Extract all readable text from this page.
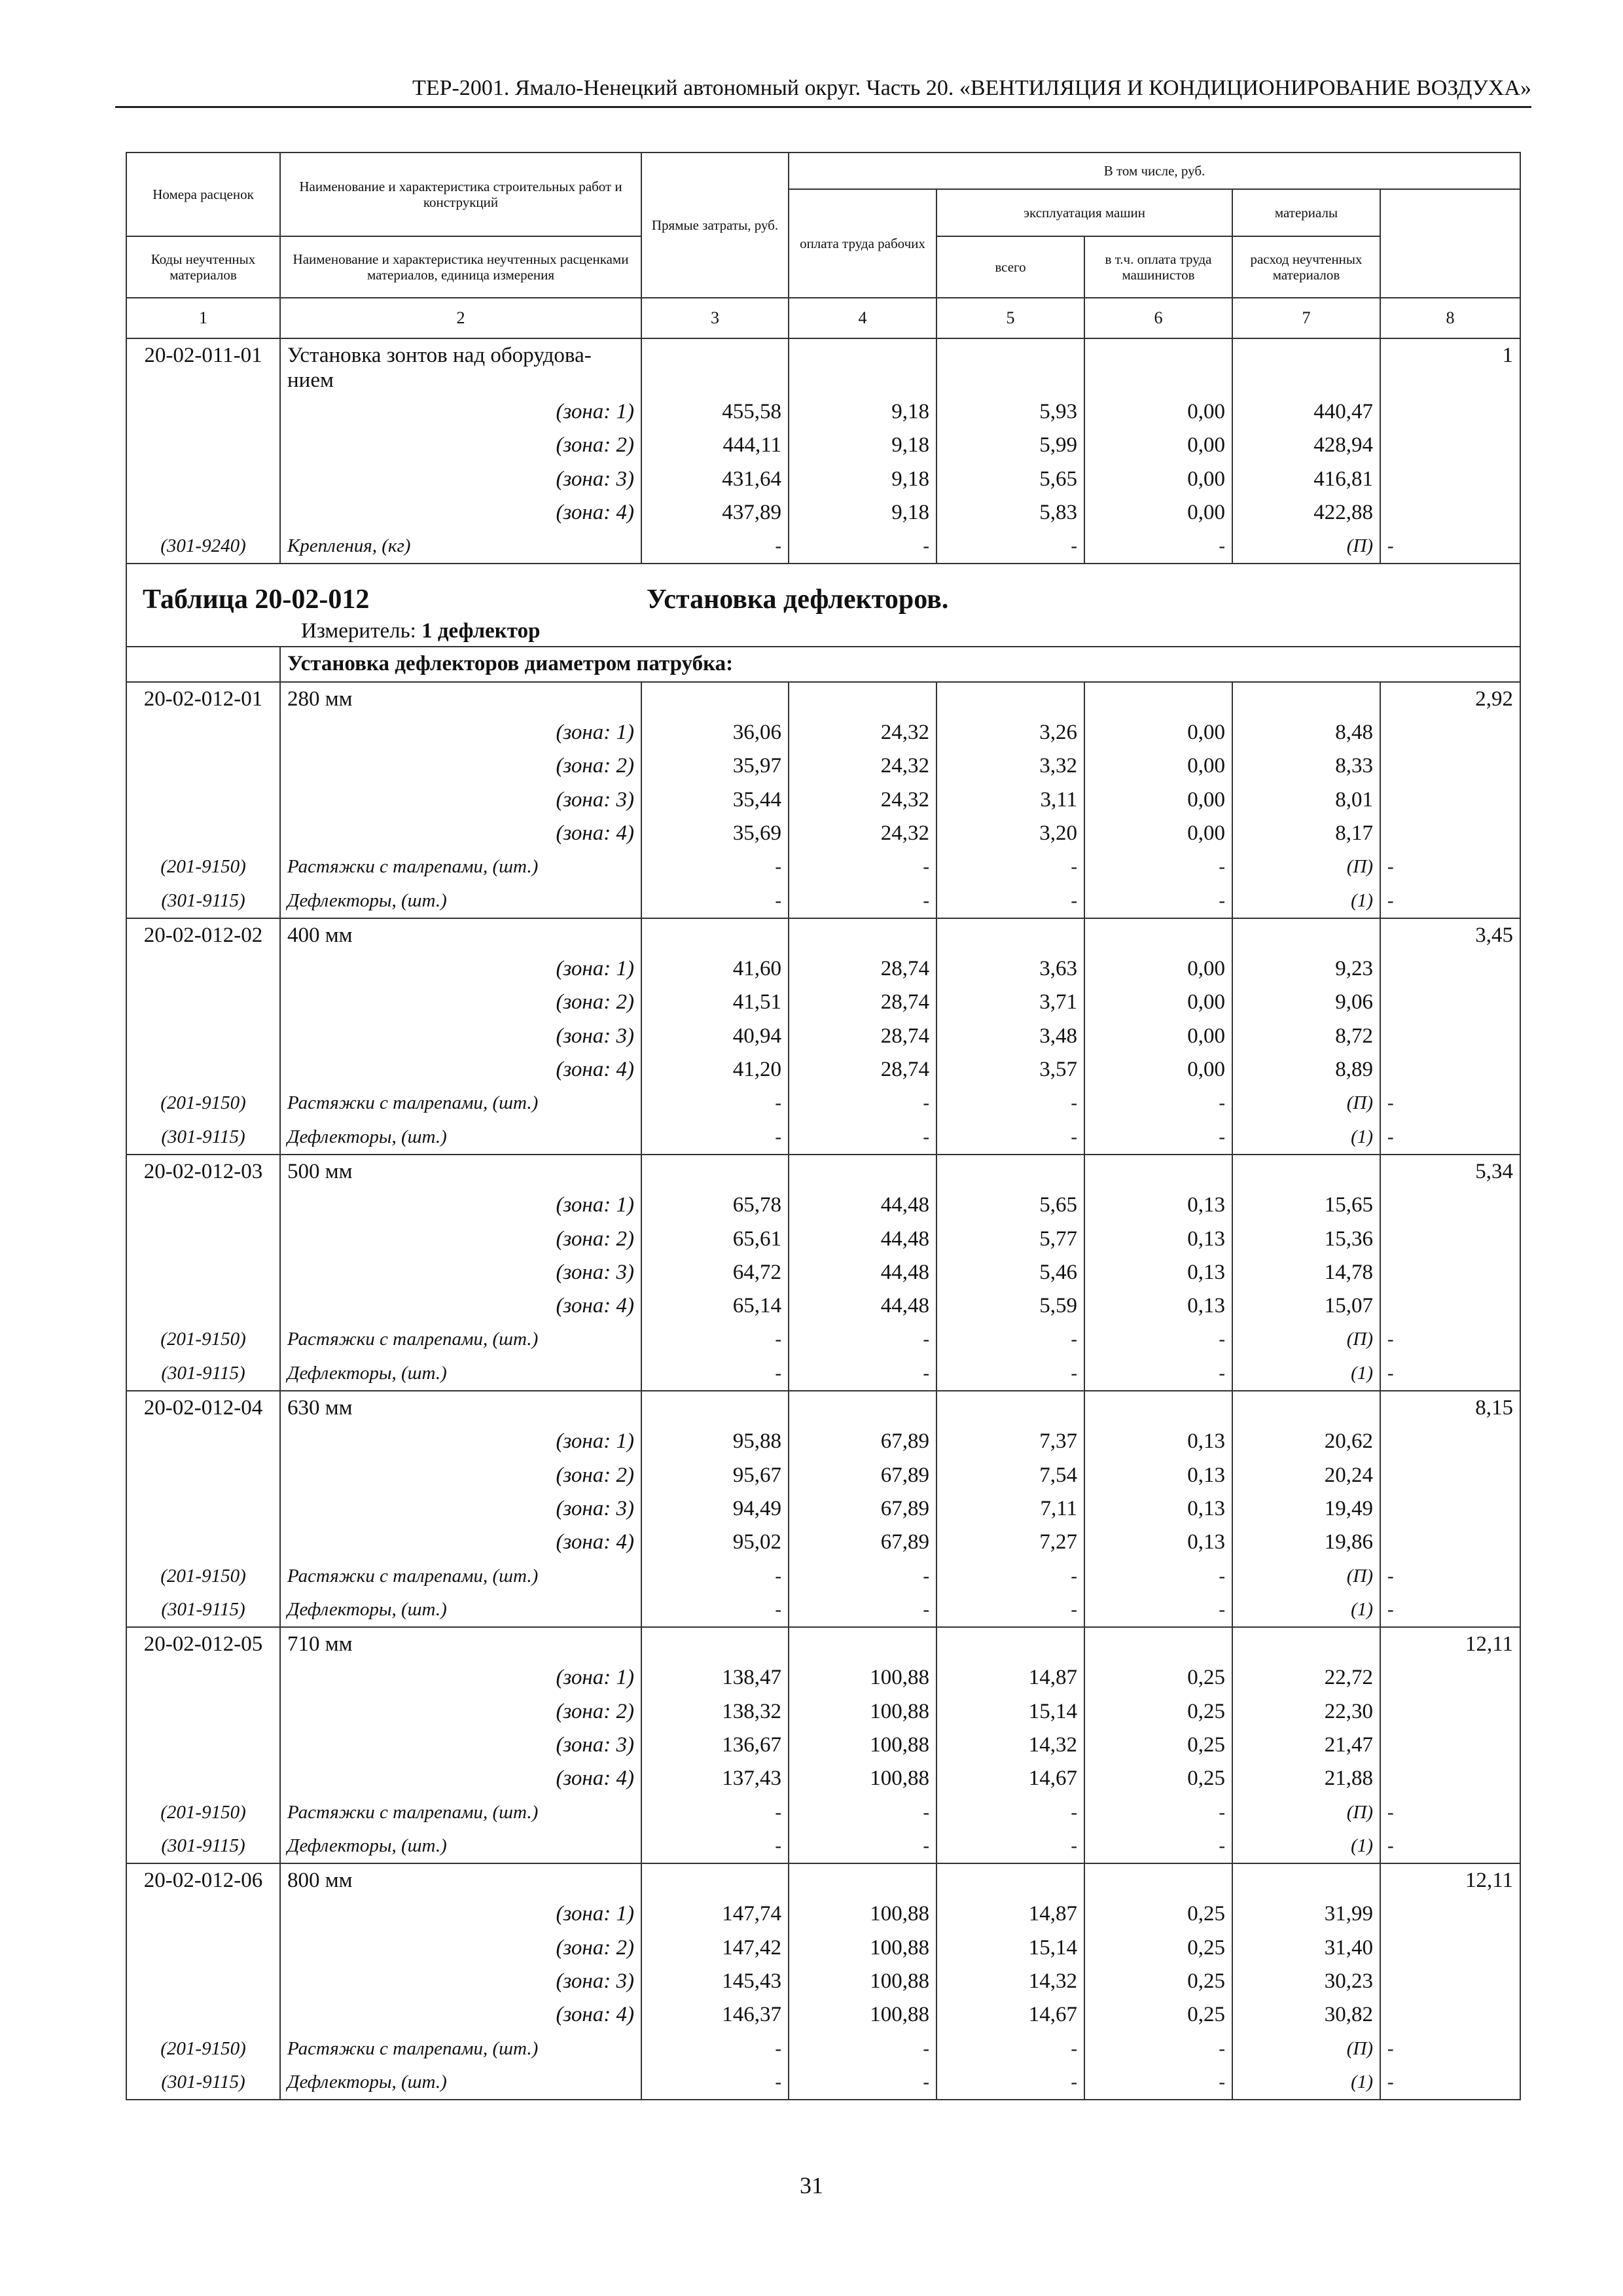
ТЕР-2001. Ямало-Ненецкий автономный округ. Часть 20. «ВЕНТИЛЯЦИЯ И КОНДИЦИОНИРОВАНИЕ ВОЗДУХА»
Номера расценок	Наименование и характеристика строительных работ и конструкций	Прямые затраты, руб.	В том числе, руб.	
			оплата труда рабочих	эксплуатация машин		материалы		
Коды неучтенных материалов	Наименование и характеристика неучтенных расценками материалов, единица измерения			всего	в т.ч. оплата труда машинистов	расход неучтенных материалов		
1	2	3	4	5	6	7	8	
20-02-011-01	Установка зонтов над оборудова-нием						1	
	(зона: 1)	455,58	9,18	5,93	0,00	440,47		
	(зона: 2)	444,11	9,18	5,99	0,00	428,94		
	(зона: 3)	431,64	9,18	5,65	0,00	416,81		
	(зона: 4)	437,89	9,18	5,83	0,00	422,88		
(301-9240)	Крепления, (кг)	-	-	-	-	(П)	-	

Таблица 20-02-012 Установка дефлекторов.
Измеритель: 1 дефлектор								

	Установка дефлекторов диаметром патрубка:							
20-02-012-01	280 мм						2,92	
	(зона: 1)	36,06	24,32	3,26	0,00	8,48		
	(зона: 2)	35,97	24,32	3,32	0,00	8,33		
	(зона: 3)	35,44	24,32	3,11	0,00	8,01		
	(зона: 4)	35,69	24,32	3,20	0,00	8,17		
(201-9150)	Растяжки с талрепами, (шт.)	-	-	-	-	(П)	-	
(301-9115)	Дефлекторы, (шт.)	-	-	-	-	(1)	-	
20-02-012-02	400 мм						3,45	
	(зона: 1)	41,60	28,74	3,63	0,00	9,23		
	(зона: 2)	41,51	28,74	3,71	0,00	9,06		
	(зона: 3)	40,94	28,74	3,48	0,00	8,72		
	(зона: 4)	41,20	28,74	3,57	0,00	8,89		
(201-9150)	Растяжки с талрепами, (шт.)	-	-	-	-	(П)	-	
(301-9115)	Дефлекторы, (шт.)	-	-	-	-	(1)	-	
20-02-012-03	500 мм						5,34	
	(зона: 1)	65,78	44,48	5,65	0,13	15,65		
	(зона: 2)	65,61	44,48	5,77	0,13	15,36		
	(зона: 3)	64,72	44,48	5,46	0,13	14,78		
	(зона: 4)	65,14	44,48	5,59	0,13	15,07		
(201-9150)	Растяжки с талрепами, (шт.)	-	-	-	-	(П)	-	
(301-9115)	Дефлекторы, (шт.)	-	-	-	-	(1)	-	
20-02-012-04	630 мм						8,15	
	(зона: 1)	95,88	67,89	7,37	0,13	20,62		
	(зона: 2)	95,67	67,89	7,54	0,13	20,24		
	(зона: 3)	94,49	67,89	7,11	0,13	19,49		
	(зона: 4)	95,02	67,89	7,27	0,13	19,86		
(201-9150)	Растяжки с талрепами, (шт.)	-	-	-	-	(П)	-	
(301-9115)	Дефлекторы, (шт.)	-	-	-	-	(1)	-	
20-02-012-05	710 мм						12,11	
	(зона: 1)	138,47	100,88	14,87	0,25	22,72		
	(зона: 2)	138,32	100,88	15,14	0,25	22,30		
	(зона: 3)	136,67	100,88	14,32	0,25	21,47		
	(зона: 4)	137,43	100,88	14,67	0,25	21,88		
(201-9150)	Растяжки с талрепами, (шт.)	-	-	-	-	(П)	-	
(301-9115)	Дефлекторы, (шт.)	-	-	-	-	(1)	-	
20-02-012-06	800 мм						12,11	
	(зона: 1)	147,74	100,88	14,87	0,25	31,99		
	(зона: 2)	147,42	100,88	15,14	0,25	31,40		
	(зона: 3)	145,43	100,88	14,32	0,25	30,23		
	(зона: 4)	146,37	100,88	14,67	0,25	30,82		
(201-9150)	Растяжки с талрепами, (шт.)	-	-	-	-	(П)	-	
(301-9115)	Дефлекторы, (шт.)	-	-	-	-	(1)	-	
31
